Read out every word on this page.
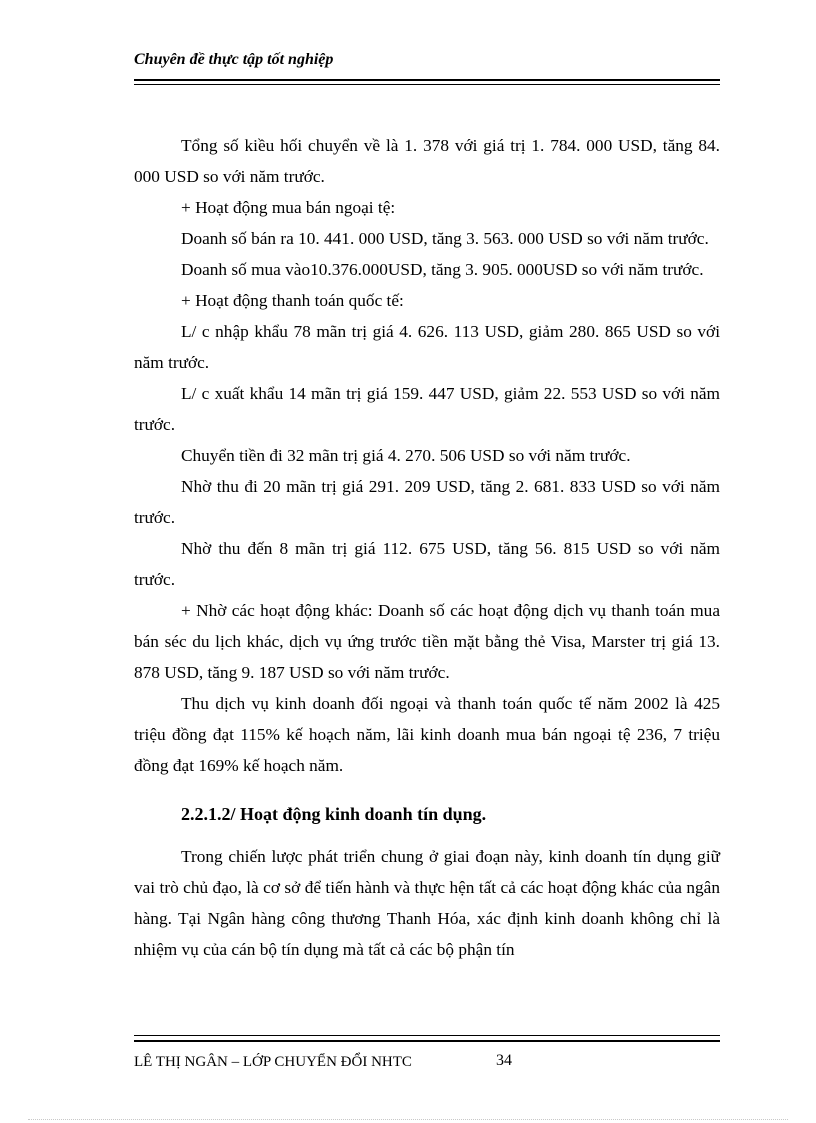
Chuyên đề thực tập tốt nghiệp

Tổng số kiều hối chuyển về là 1. 378 với giá trị 1. 784. 000 USD, tăng 84. 000 USD so với năm trước.

+ Hoạt động mua bán ngoại tệ:

Doanh số bán ra 10. 441. 000 USD, tăng 3. 563. 000 USD so với năm trước.

Doanh số mua vào10.376.000USD, tăng 3. 905. 000USD so với năm trước.

+ Hoạt động thanh toán quốc tế:

L/ c nhập khẩu 78 mãn trị giá 4. 626. 113 USD, giảm 280. 865 USD so với năm trước.

L/ c xuất khẩu 14 mãn trị giá 159. 447 USD, giảm 22. 553 USD so với năm trước.

Chuyển tiền đi 32 mãn trị giá 4. 270. 506 USD so với năm trước.

Nhờ thu đi 20 mãn trị giá 291. 209 USD, tăng 2. 681. 833 USD so với năm trước.

Nhờ thu đến 8 mãn trị giá 112. 675 USD, tăng 56. 815 USD so với năm trước.

+ Nhờ các hoạt động khác: Doanh số các hoạt động dịch vụ thanh toán mua bán séc du lịch khác, dịch vụ ứng trước tiền mặt bằng thẻ Visa, Marster trị giá 13. 878 USD, tăng 9. 187 USD so với năm trước.

Thu dịch vụ kinh doanh đối ngoại và thanh toán quốc tế năm 2002 là 425 triệu đồng đạt 115% kế hoạch năm, lãi kinh doanh mua bán ngoại tệ 236, 7 triệu đồng đạt 169% kế hoạch năm.

2.2.1.2/ Hoạt động kinh doanh tín dụng.

Trong chiến lược phát triển chung ở giai đoạn này, kinh doanh tín dụng giữ vai trò chủ đạo, là cơ sở để tiến hành và thực hện tất cả các hoạt động khác của ngân hàng. Tại Ngân hàng công thương Thanh Hóa, xác định kinh doanh không chỉ là nhiệm vụ của cán bộ tín dụng mà tất cả các bộ phận tín

LÊ THỊ NGÂN – LỚP CHUYỂN ĐỔI NHTC	34
